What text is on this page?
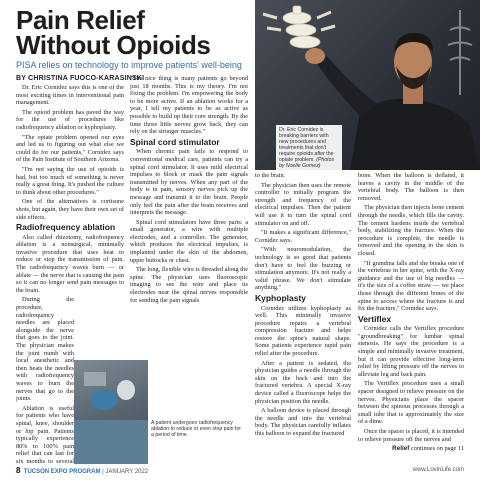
Pain Relief
Without Opioids

PISA relies on technology to improve patients' well-being

BY CHRISTINA FUOCO-KARASINSKI

Dr. Eric Cornidez is breaking barriers with new procedures and treatments that don't require opioids after the opiate problem. (Photos by Noelle Gomez)

Dr. Eric Cornidez says this is one of the most exciting times in interventional pain management.

The opioid problem has paved the way for the use of procedures like radiofrequency ablation or kyphoplasty.

"The opiate problem opened our eyes and led us to figuring out what else we could do for our patients," Cornidez says of the Pain Institute of Southern Arizona.

"I'm not saying the use of opioids is bad, but too much of something is never really a great thing. It's pushed the culture to think about other procedures."

One of the alternatives is cortisone shots, but again, they have their own set of side effects.

Radiofrequency ablation

Also called rhizotomy, radiofrequency ablation is a nonsurgical, minimally invasive procedure that uses heat to reduce or stop the transmission of pain. The radiofrequency waves burn — or ablate — the nerve that is causing the pain so it can no longer send pain messages to the brain.

During the procedure, radiofrequency needles are placed alongside the nerve that goes to the joint. The physician makes the joint numb with local anesthetic and then heats the needles with radiofrequency waves to burn the nerves that go to the joints.

Ablation is useful for patients who have spinal, knee, shoulder or hip pain. Patients typically experience 80% to 100% pain relief that can last for six months to several

"The nice thing is many patients go beyond just 18 months. This is my theory. I'm not fixing the problem. I'm empowering the body to be more active. If an ablation works for a year, I tell my patients to be as active as possible to build up their core strength. By the time those little nerves grow back, they can rely on the stronger muscles."

Spinal cord stimulator

When chronic pain fails to respond to conventional medical care, patients can try a spinal cord stimulator. It uses mild electrical impulses to block or mask the pain signals transmitted by nerves. When any part of the body is in pain, sensory nerves pick up the message and transmit it to the brain. People only feel the pain after the brain receives and interprets the message.

Spinal cord stimulators have three parts: a small generator, a wire with multiple electrodes, and a controller. The generator, which produces the electrical impulses, is implanted under the skin of the abdomen, upper buttocks or chest.

The long, flexible wire is threaded along the spine. The physician uses fluoroscopic imaging to see the wire and place its electrodes near the spinal nerves responsible for sending the pain signals

A patient undergoes radiofrequency ablation to reduce or even stop pain for a period of time.

to the brain.

The physician then uses the remote controller to initially program the strength and frequency of the electrical impulses. Then the patient will use it to turn the spinal cord stimulator on and off.

"It makes a significant difference," Cornidez says.

"With neuromodulation, the technology is so good that patients don't have to feel the buzzing or stimulation anymore. It's not really a valid phrase. We don't stimulate anything."

Kyphoplasty

Cornidez utilizes kyphoplasty as well. This minimally invasive procedure repairs a vertebral compression fracture and helps restore the spine's natural shape. Some patients experience rapid pain relief after the procedure.

After a patient is sedated, the physician guides a needle through the skin on the back and into the fractured vertebra. A special X-ray device called a fluoroscope helps the physician position the needle.

A balloon device is placed through the needle and into the vertebral body. The physician carefully inflates this balloon to expand the fractured

bone. When the balloon is deflated, it leaves a cavity in the middle of the vertebral body. The balloon is then removed.

The physician then injects bone cement through the needle, which fills the cavity. The cement hardens inside the vertebral body, stabilizing the fracture. When the procedure is complete, the needle is removed and the opening in the skin is closed.

"If grandma falls and she breaks one of the vertebrae in her spine, with the X-ray guidance and the use of big needles — it's the size of a coffee straw — we place those through the different bones of the spine to access where the fracture is and fix the fracture," Cornidez says.

Vertiflex

Cornidez calls the Vertiflex procedure "groundbreaking" for lumbar spinal stenosis. He says the procedure is a simple and minimally invasive treatment, but it can provide effective long-term relief by lifting pressure off the nerves to alleviate leg and back pain.

The Vertiflex procedure uses a small spacer designed to relieve pressure on the nerves. Physicians place the spacer between the spinous processes through a small tube that is approximately the size of a dime.

Once the spacer is placed, it is intended to relieve pressure off the nerves and

Relief continues on page 11

8 TUCSON EXPO PROGRAM | JANUARY 2022	www.LovinLife.com
